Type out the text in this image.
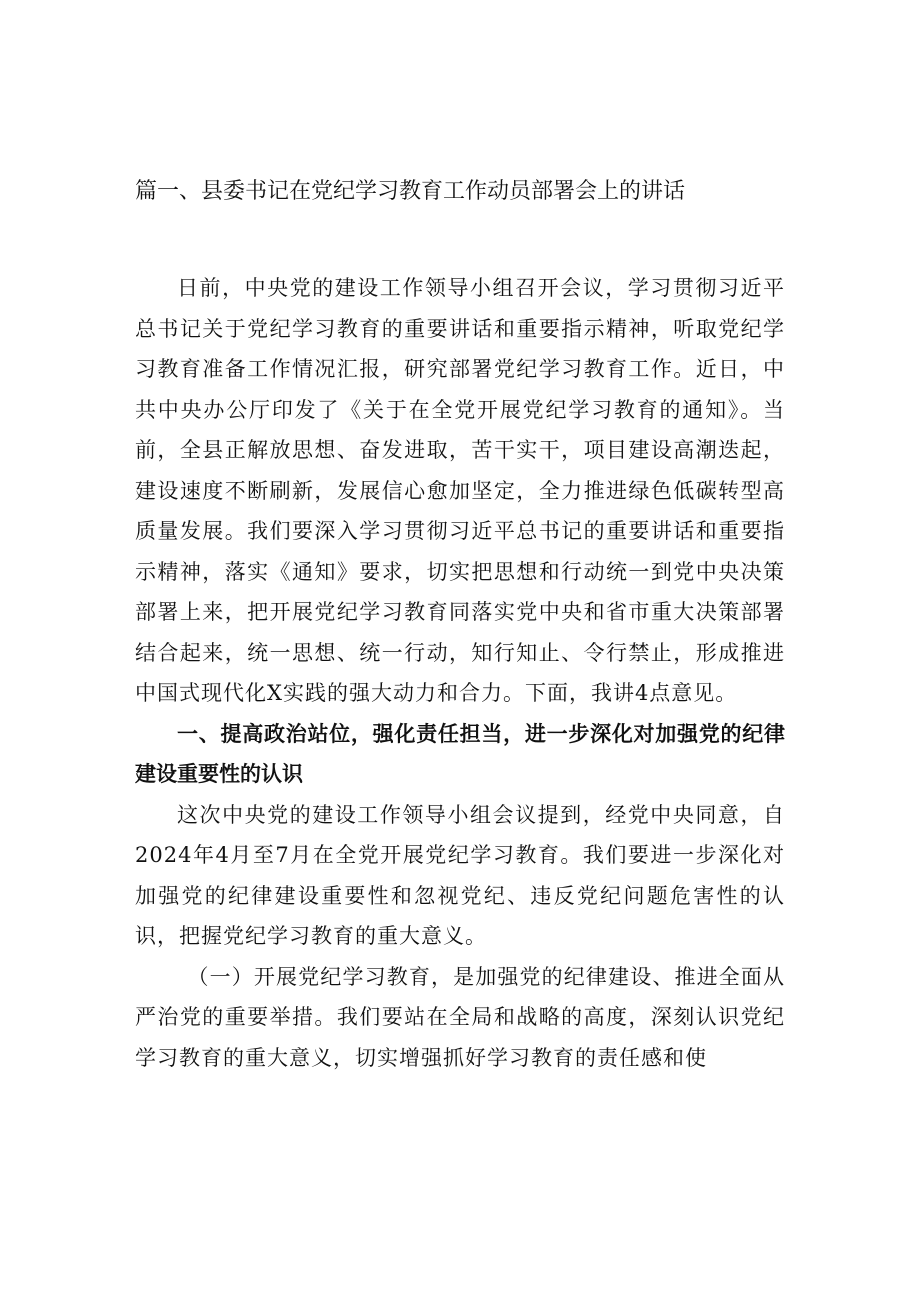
篇一、县委书记在党纪学习教育工作动员部署会上的讲话

日前，中央党的建设工作领导小组召开会议，学习贯彻习近平总书记关于党纪学习教育的重要讲话和重要指示精神，听取党纪学习教育准备工作情况汇报，研究部署党纪学习教育工作。近日，中共中央办公厅印发了《关于在全党开展党纪学习教育的通知》。当前，全县正解放思想、奋发进取，苦干实干，项目建设高潮迭起，建设速度不断刷新，发展信心愈加坚定，全力推进绿色低碳转型高质量发展。我们要深入学习贯彻习近平总书记的重要讲话和重要指示精神，落实《通知》要求，切实把思想和行动统一到党中央决策部署上来，把开展党纪学习教育同落实党中央和省市重大决策部署结合起来，统一思想、统一行动，知行知止、令行禁止，形成推进中国式现代化X实践的强大动力和合力。下面，我讲4点意见。

一、提高政治站位，强化责任担当，进一步深化对加强党的纪律建设重要性的认识

这次中央党的建设工作领导小组会议提到，经党中央同意，自2024年4月至7月在全党开展党纪学习教育。我们要进一步深化对加强党的纪律建设重要性和忽视党纪、违反党纪问题危害性的认识，把握党纪学习教育的重大意义。

（一）开展党纪学习教育，是加强党的纪律建设、推进全面从严治党的重要举措。我们要站在全局和战略的高度，深刻认识党纪学习教育的重大意义，切实增强抓好学习教育的责任感和使
